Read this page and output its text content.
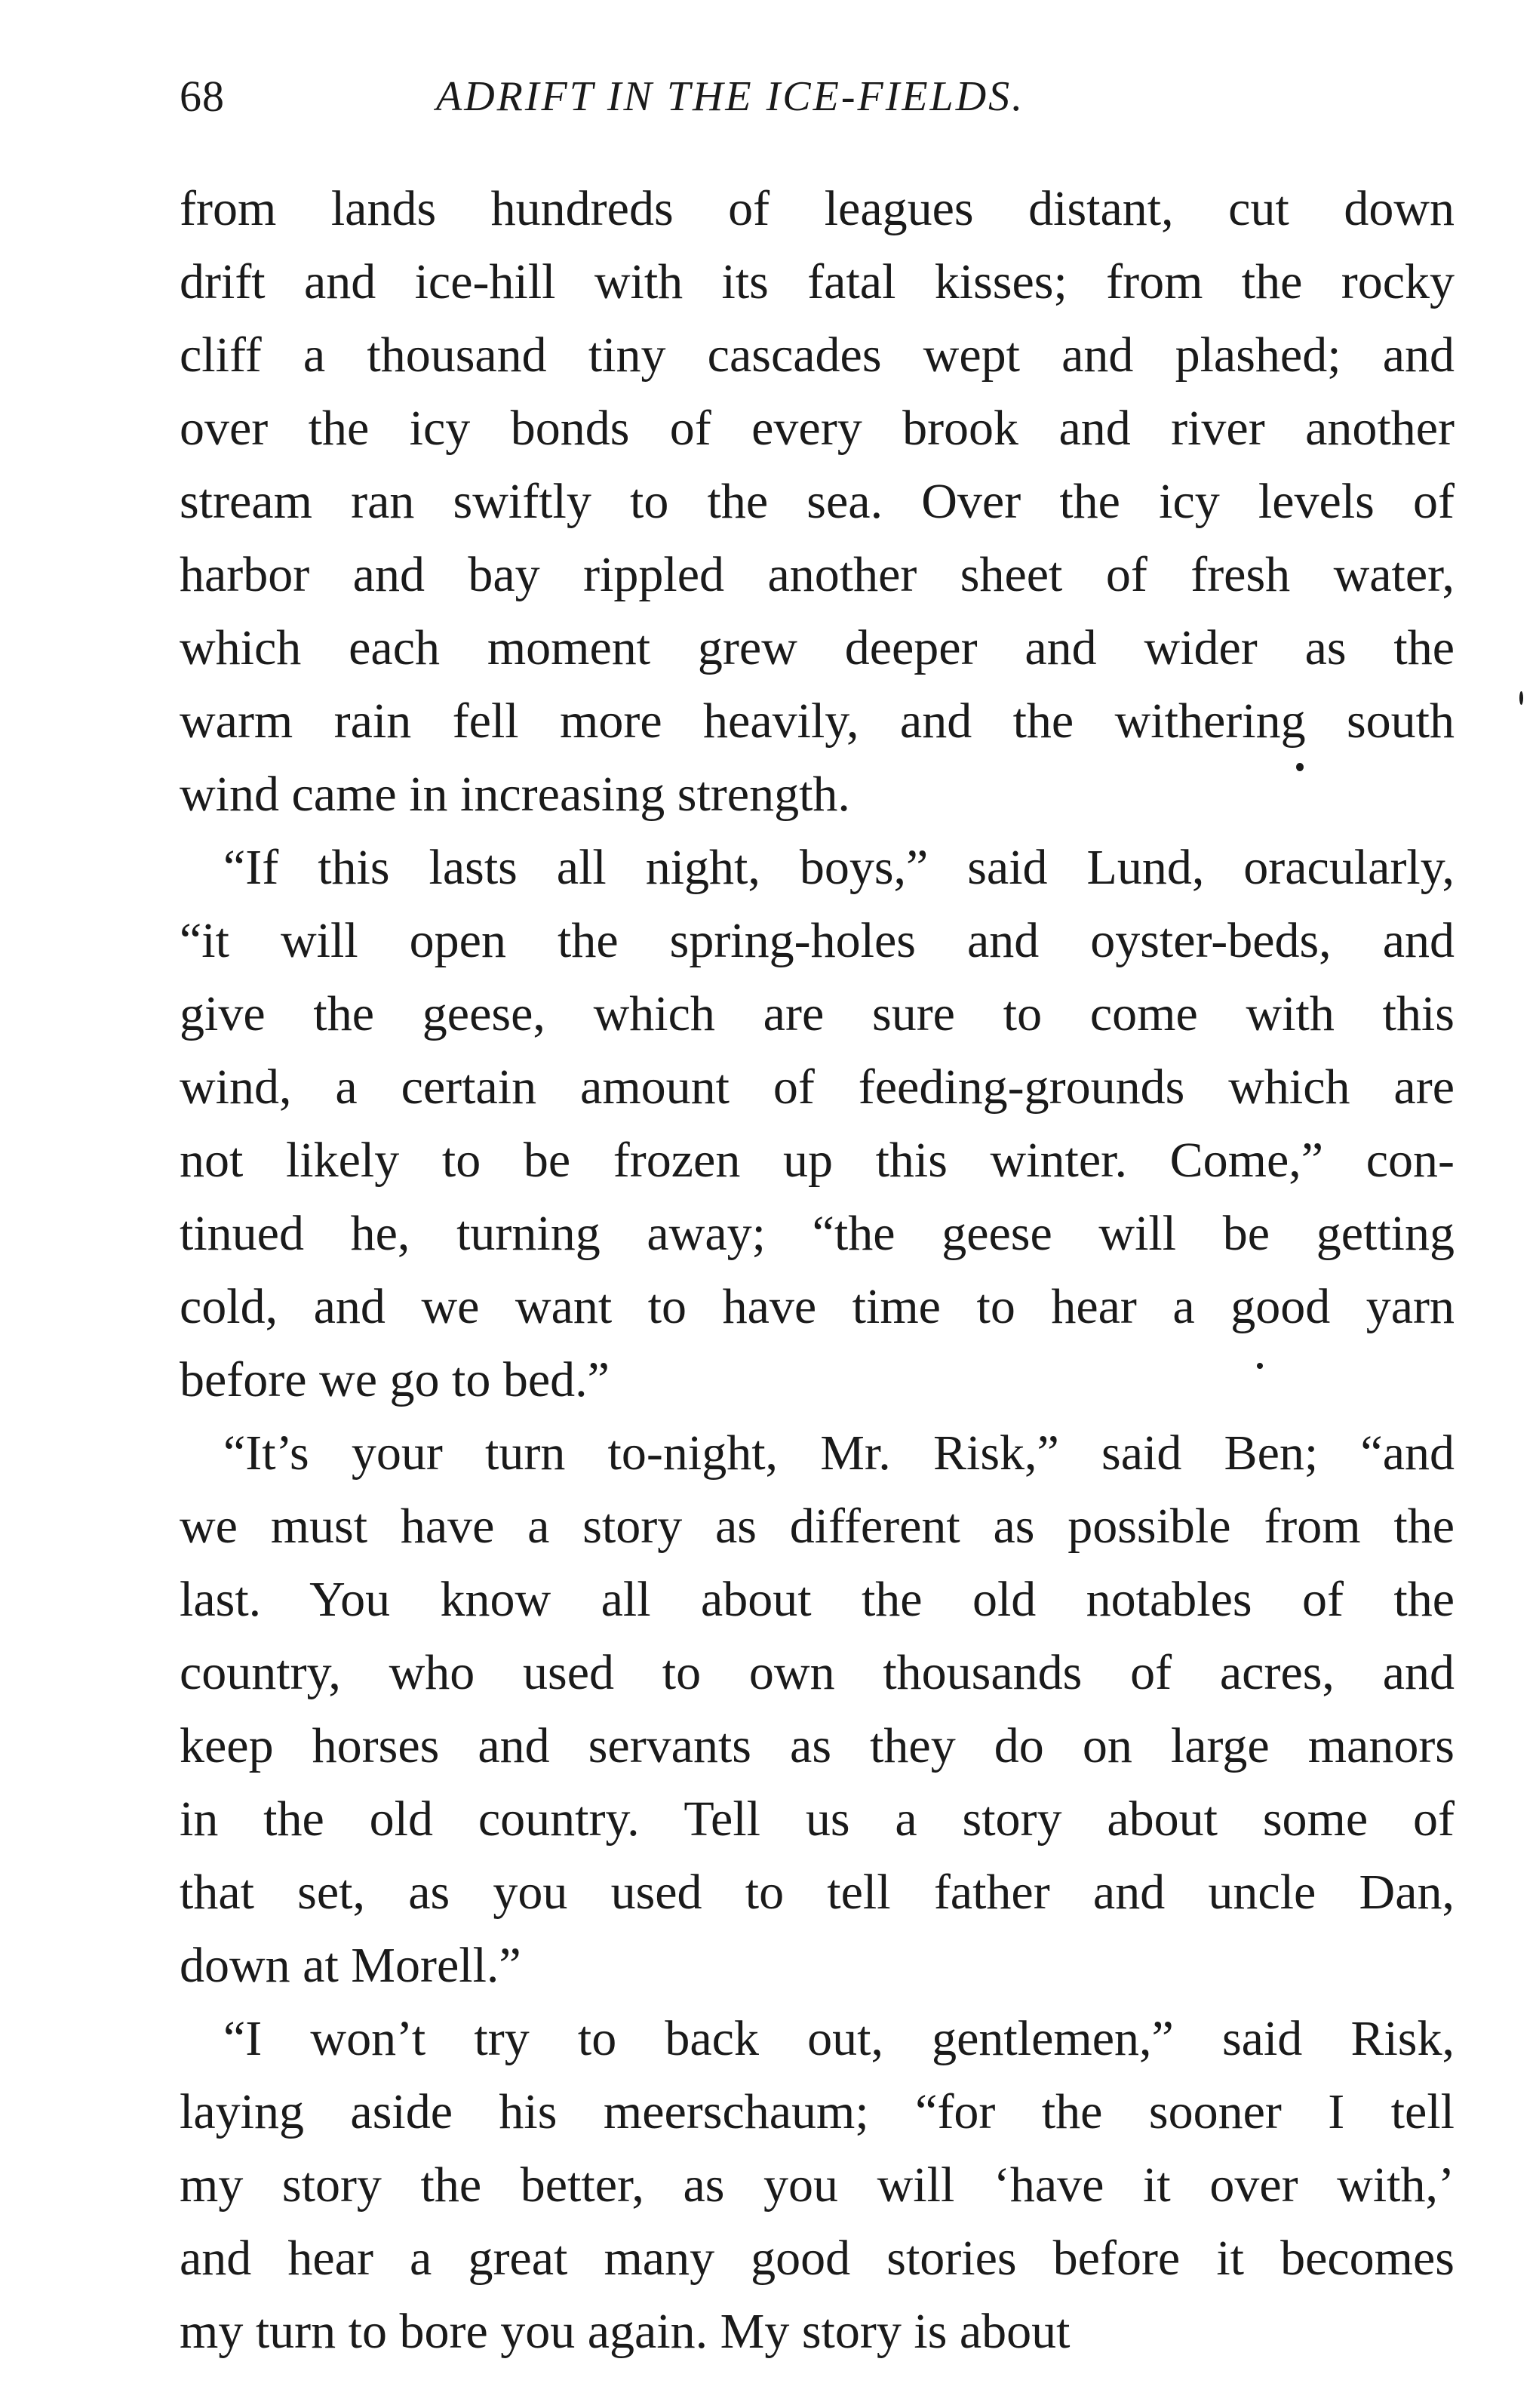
68	ADRIFT IN THE ICE-FIELDS.
from lands hundreds of leagues distant, cut down
drift and ice-hill with its fatal kisses; from the rocky
cliff a thousand tiny cascades wept and plashed; and
over the icy bonds of every brook and river another
stream ran swiftly to the sea. Over the icy levels of
harbor and bay rippled another sheet of fresh water,
which each moment grew deeper and wider as the
warm rain fell more heavily, and the withering south
wind came in increasing strength.
“If this lasts all night, boys,” said Lund, oracularly,
“it will open the spring-holes and oyster-beds, and
give the geese, which are sure to come with this
wind, a certain amount of feeding-grounds which are
not likely to be frozen up this winter. Come,” con-
tinued he, turning away; “the geese will be getting
cold, and we want to have time to hear a good yarn
before we go to bed.”
“It’s your turn to-night, Mr. Risk,” said Ben; “and
we must have a story as different as possible from the
last. You know all about the old notables of the
country, who used to own thousands of acres, and
keep horses and servants as they do on large manors
in the old country. Tell us a story about some of
that set, as you used to tell father and uncle Dan,
down at Morell.”
“I won’t try to back out, gentlemen,” said Risk,
laying aside his meerschaum; “for the sooner I tell
my story the better, as you will ‘have it over with,’
and hear a great many good stories before it becomes
my turn to bore you again. My story is about
